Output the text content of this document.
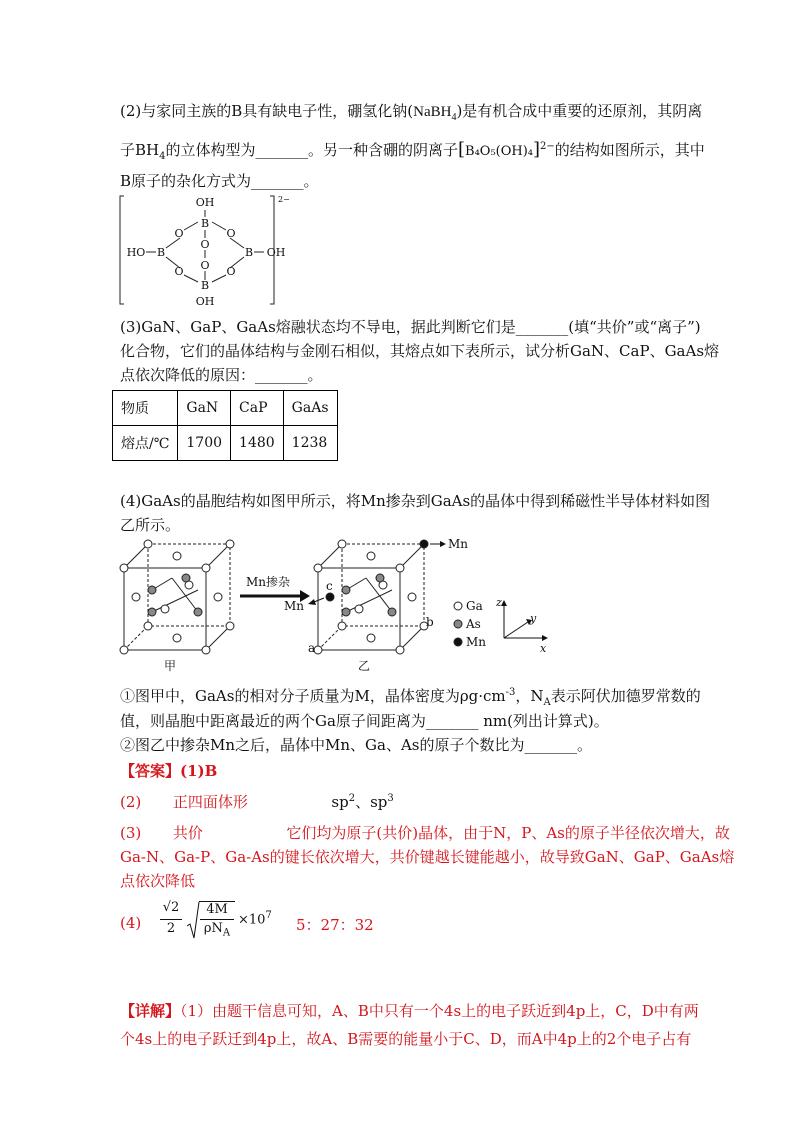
(2)与家同主族的B具有缺电子性，硼氢化钠(NaBH$_4$)是有机合成中重要的还原剂，其阴离
子$BH_4$的立体构型为_______。另一种含硼的阴离子$[B_4O_5(OH)_4]^{2-}$的结构如图所示，其中
B原子的杂化方式为_______。
OH
B
O	O
O
HO B	B OH
O
O	O
B
OH
2−
(3)GaN、GaP、GaAs熔融状态均不导电，据此判断它们是_______(填“共价”或“离子”)
化合物，它们的晶体结构与金刚石相似，其熔点如下表所示，试分析GaN、CaP、GaAs熔
点依次降低的原因：_______。
物质	GaN	CaP	GaAs
熔点/℃	1700	1480	1238
(4)GaAs的晶胞结构如图甲所示，将Mn掺杂到GaAs的晶体中得到稀磁性半导体材料如图
乙所示。
甲
Mn掺杂
Mn
Mn
c
a
b
乙
Ga
As
Mn
z
y
x
①图甲中，GaAs的相对分子质量为M，晶体密度为$\rho g\cdot cm^{-3}$，$N_A$表示阿伏加德罗常数的
值，则晶胞中距离最近的两个Ga原子间距离为_______ nm(列出计算式)。
②图乙中掺杂Mn之后，晶体中Mn、Ga、As的原子个数比为_______。
【答案】(1)B
(2) 正四面体形	$sp^2$、$sp^3$
(3) 共价	它们均为原子(共价)晶体，由于N，P、As的原子半径依次增大，故
Ga-N、Ga-P、Ga-As的键长依次增大，共价键越长键能越小，故导致GaN、GaP、GaAs熔
点依次降低
(4)
√2
2
4M
$\rho N_A$
$\times 10^7$
5：27：32
【详解】（1）由题干信息可知，A、B中只有一个4s上的电子跃近到4p上，C，D中有两
个4s上的电子跃迁到4p上，故A、B需要的能量小于C、D，而A中4p上的2个电子占有
